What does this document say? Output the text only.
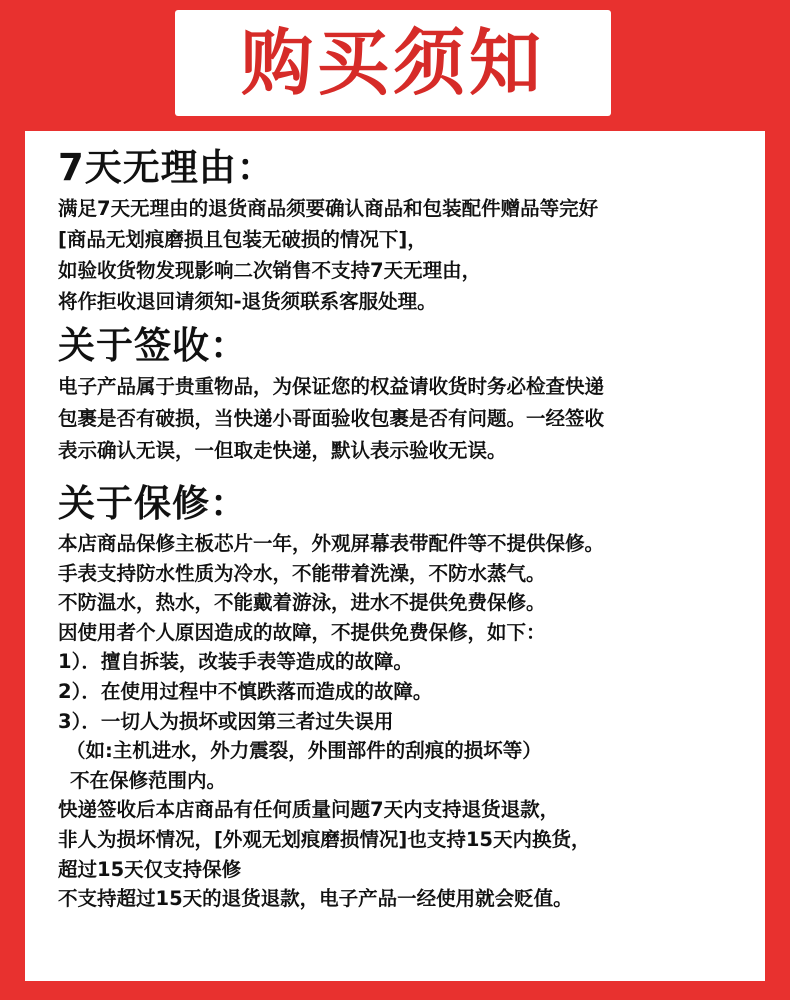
购买须知
7天无理由：
满足7天无理由的退货商品须要确认商品和包装配件赠品等完好
[商品无划痕磨损且包装无破损的情况下]，
如验收货物发现影响二次销售不支持7天无理由，
将作拒收退回请须知-退货须联系客服处理。
关于签收：
电子产品属于贵重物品，为保证您的权益请收货时务必检查快递
包裹是否有破损，当快递小哥面验收包裹是否有问题。一经签收
表示确认无误，一但取走快递，默认表示验收无误。
关于保修：
本店商品保修主板芯片一年，外观屏幕表带配件等不提供保修。
手表支持防水性质为冷水，不能带着洗澡，不防水蒸气。
不防温水，热水，不能戴着游泳，进水不提供免费保修。
因使用者个人原因造成的故障，不提供免费保修，如下：
1）．擅自拆装，改装手表等造成的故障。
2）．在使用过程中不慎跌落而造成的故障。
3）．一切人为损坏或因第三者过失误用
（如:主机进水，外力震裂，外围部件的刮痕的损坏等）
不在保修范围内。
快递签收后本店商品有任何质量问题7天内支持退货退款，
非人为损坏情况，[外观无划痕磨损情况]也支持15天内换货，
超过15天仅支持保修
不支持超过15天的退货退款，电子产品一经使用就会贬值。
